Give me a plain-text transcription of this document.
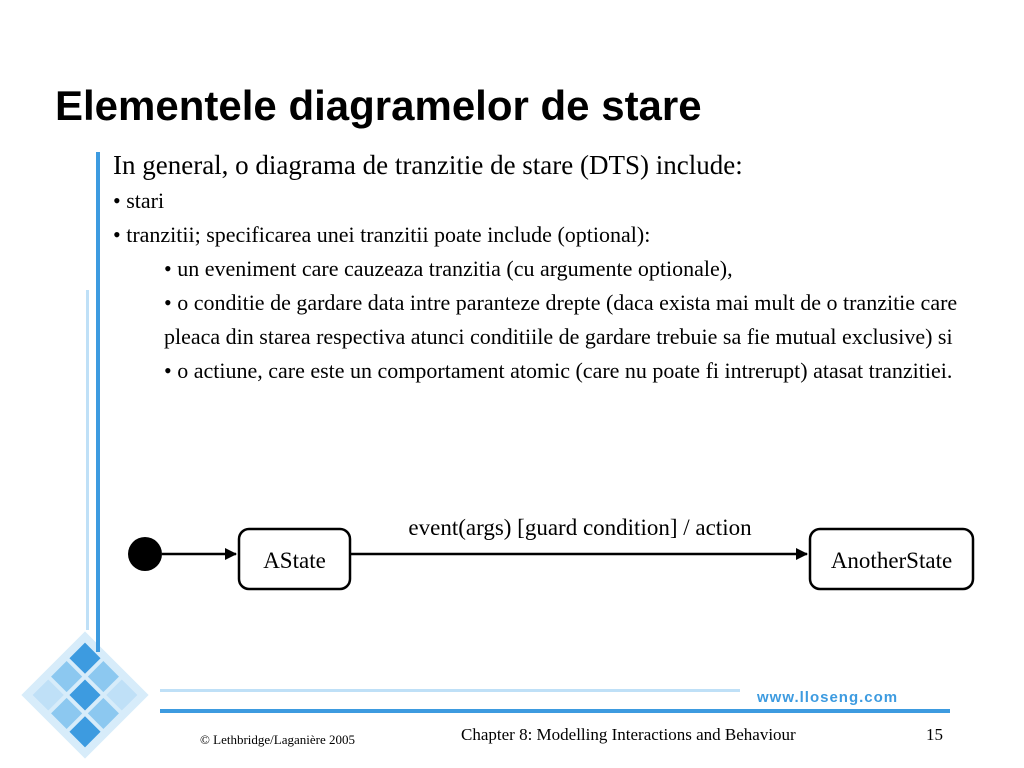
Elementele diagramelor de stare

In general, o diagrama de tranzitie de stare (DTS) include:

• stari

• tranzitii; specificarea unei tranzitii poate include (optional):

• un eveniment care cauzeaza tranzitia (cu argumente optionale),

• o conditie de gardare data intre paranteze drepte (daca exista mai mult de o tranzitie care pleaca din starea respectiva atunci conditiile de gardare trebuie sa fie mutual exclusive) si

• o actiune, care este un comportament atomic (care nu poate fi intrerupt) atasat tranzitiei.

AState
event(args) [guard condition] / action
AnotherState
www.lloseng.com
© Lethbridge/Laganière 2005	Chapter 8: Modelling Interactions and Behaviour	15
